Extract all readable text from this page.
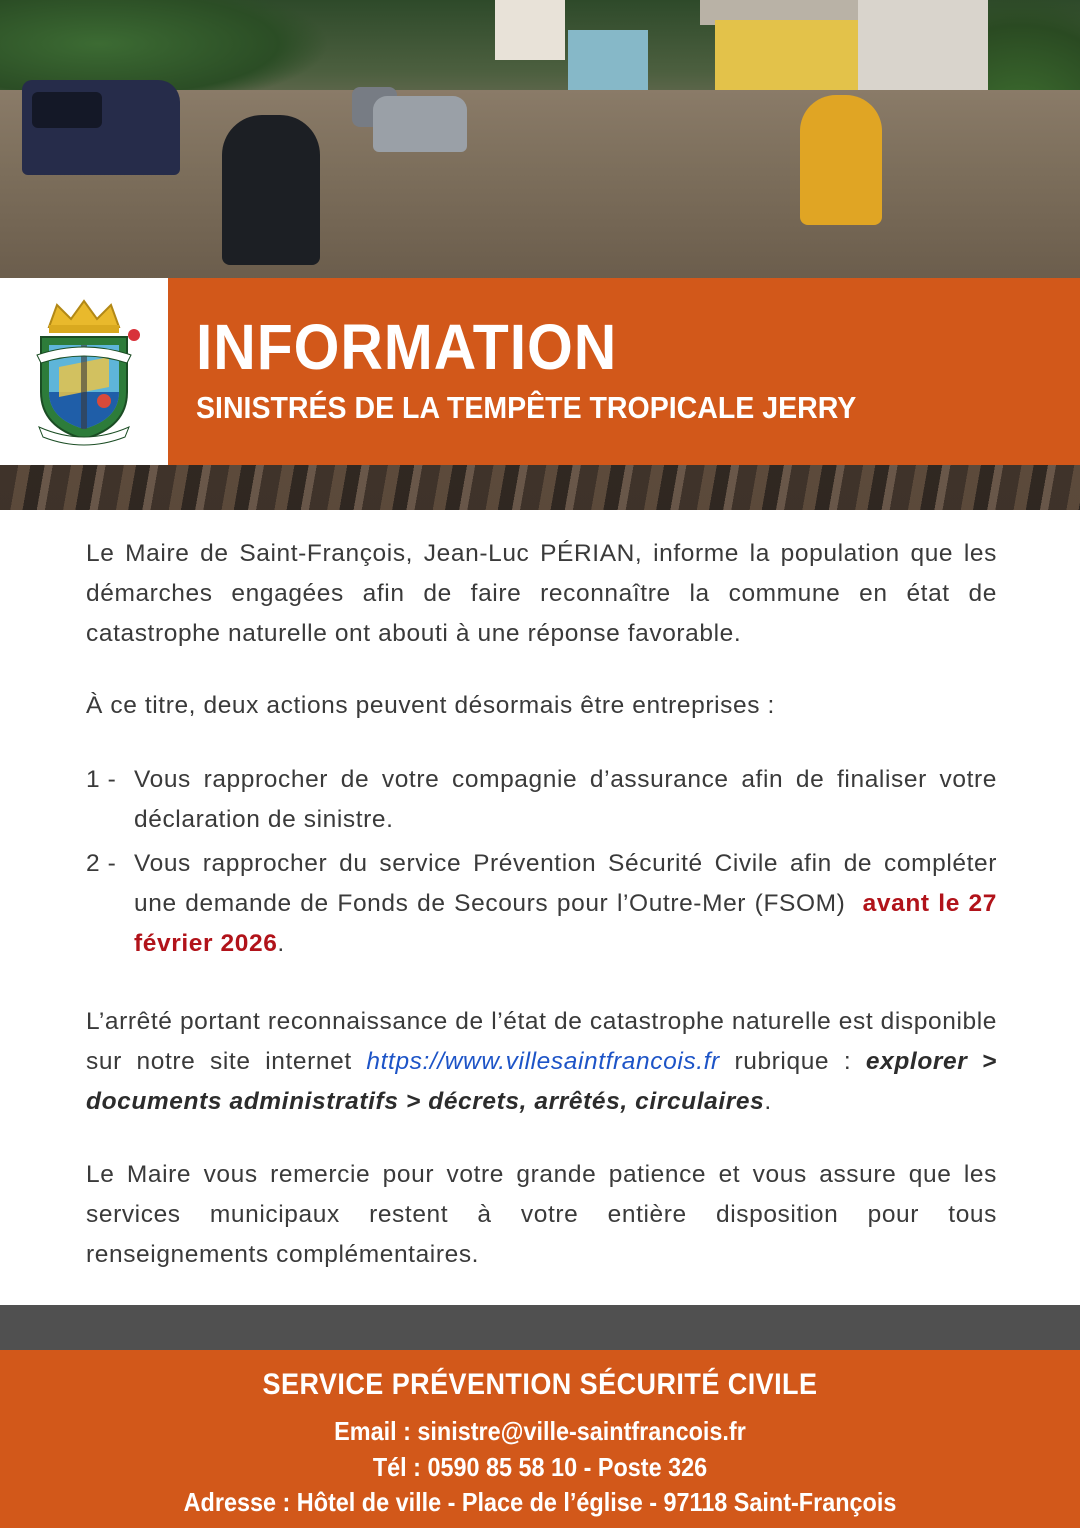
INFORMATION
SINISTRÉS DE LA TEMPÊTE TROPICALE JERRY

Le Maire de Saint-François, Jean-Luc PÉRIAN, informe la population que les démarches engagées afin de faire reconnaître la commune en état de catastrophe naturelle ont abouti à une réponse favorable.

À ce titre, deux actions peuvent désormais être entreprises :

1 - Vous rapprocher de votre compagnie d’assurance afin de finaliser votre déclaration de sinistre.

2 - Vous rapprocher du service Prévention Sécurité Civile afin de compléter une demande de Fonds de Secours pour l’Outre-Mer (FSOM) avant le 27 février 2026.

L’arrêté portant reconnaissance de l’état de catastrophe naturelle est disponible sur notre site internet https://www.villesaintfrancois.fr rubrique : explorer > documents administratifs > décrets, arrêtés, circulaires.

Le Maire vous remercie pour votre grande patience et vous assure que les services municipaux restent à votre entière disposition pour tous renseignements complémentaires.

SERVICE PRÉVENTION SÉCURITÉ CIVILE
Email : sinistre@ville-saintfrancois.fr
Tél : 0590 85 58 10 - Poste 326
Adresse : Hôtel de ville - Place de l’église - 97118 Saint-François
